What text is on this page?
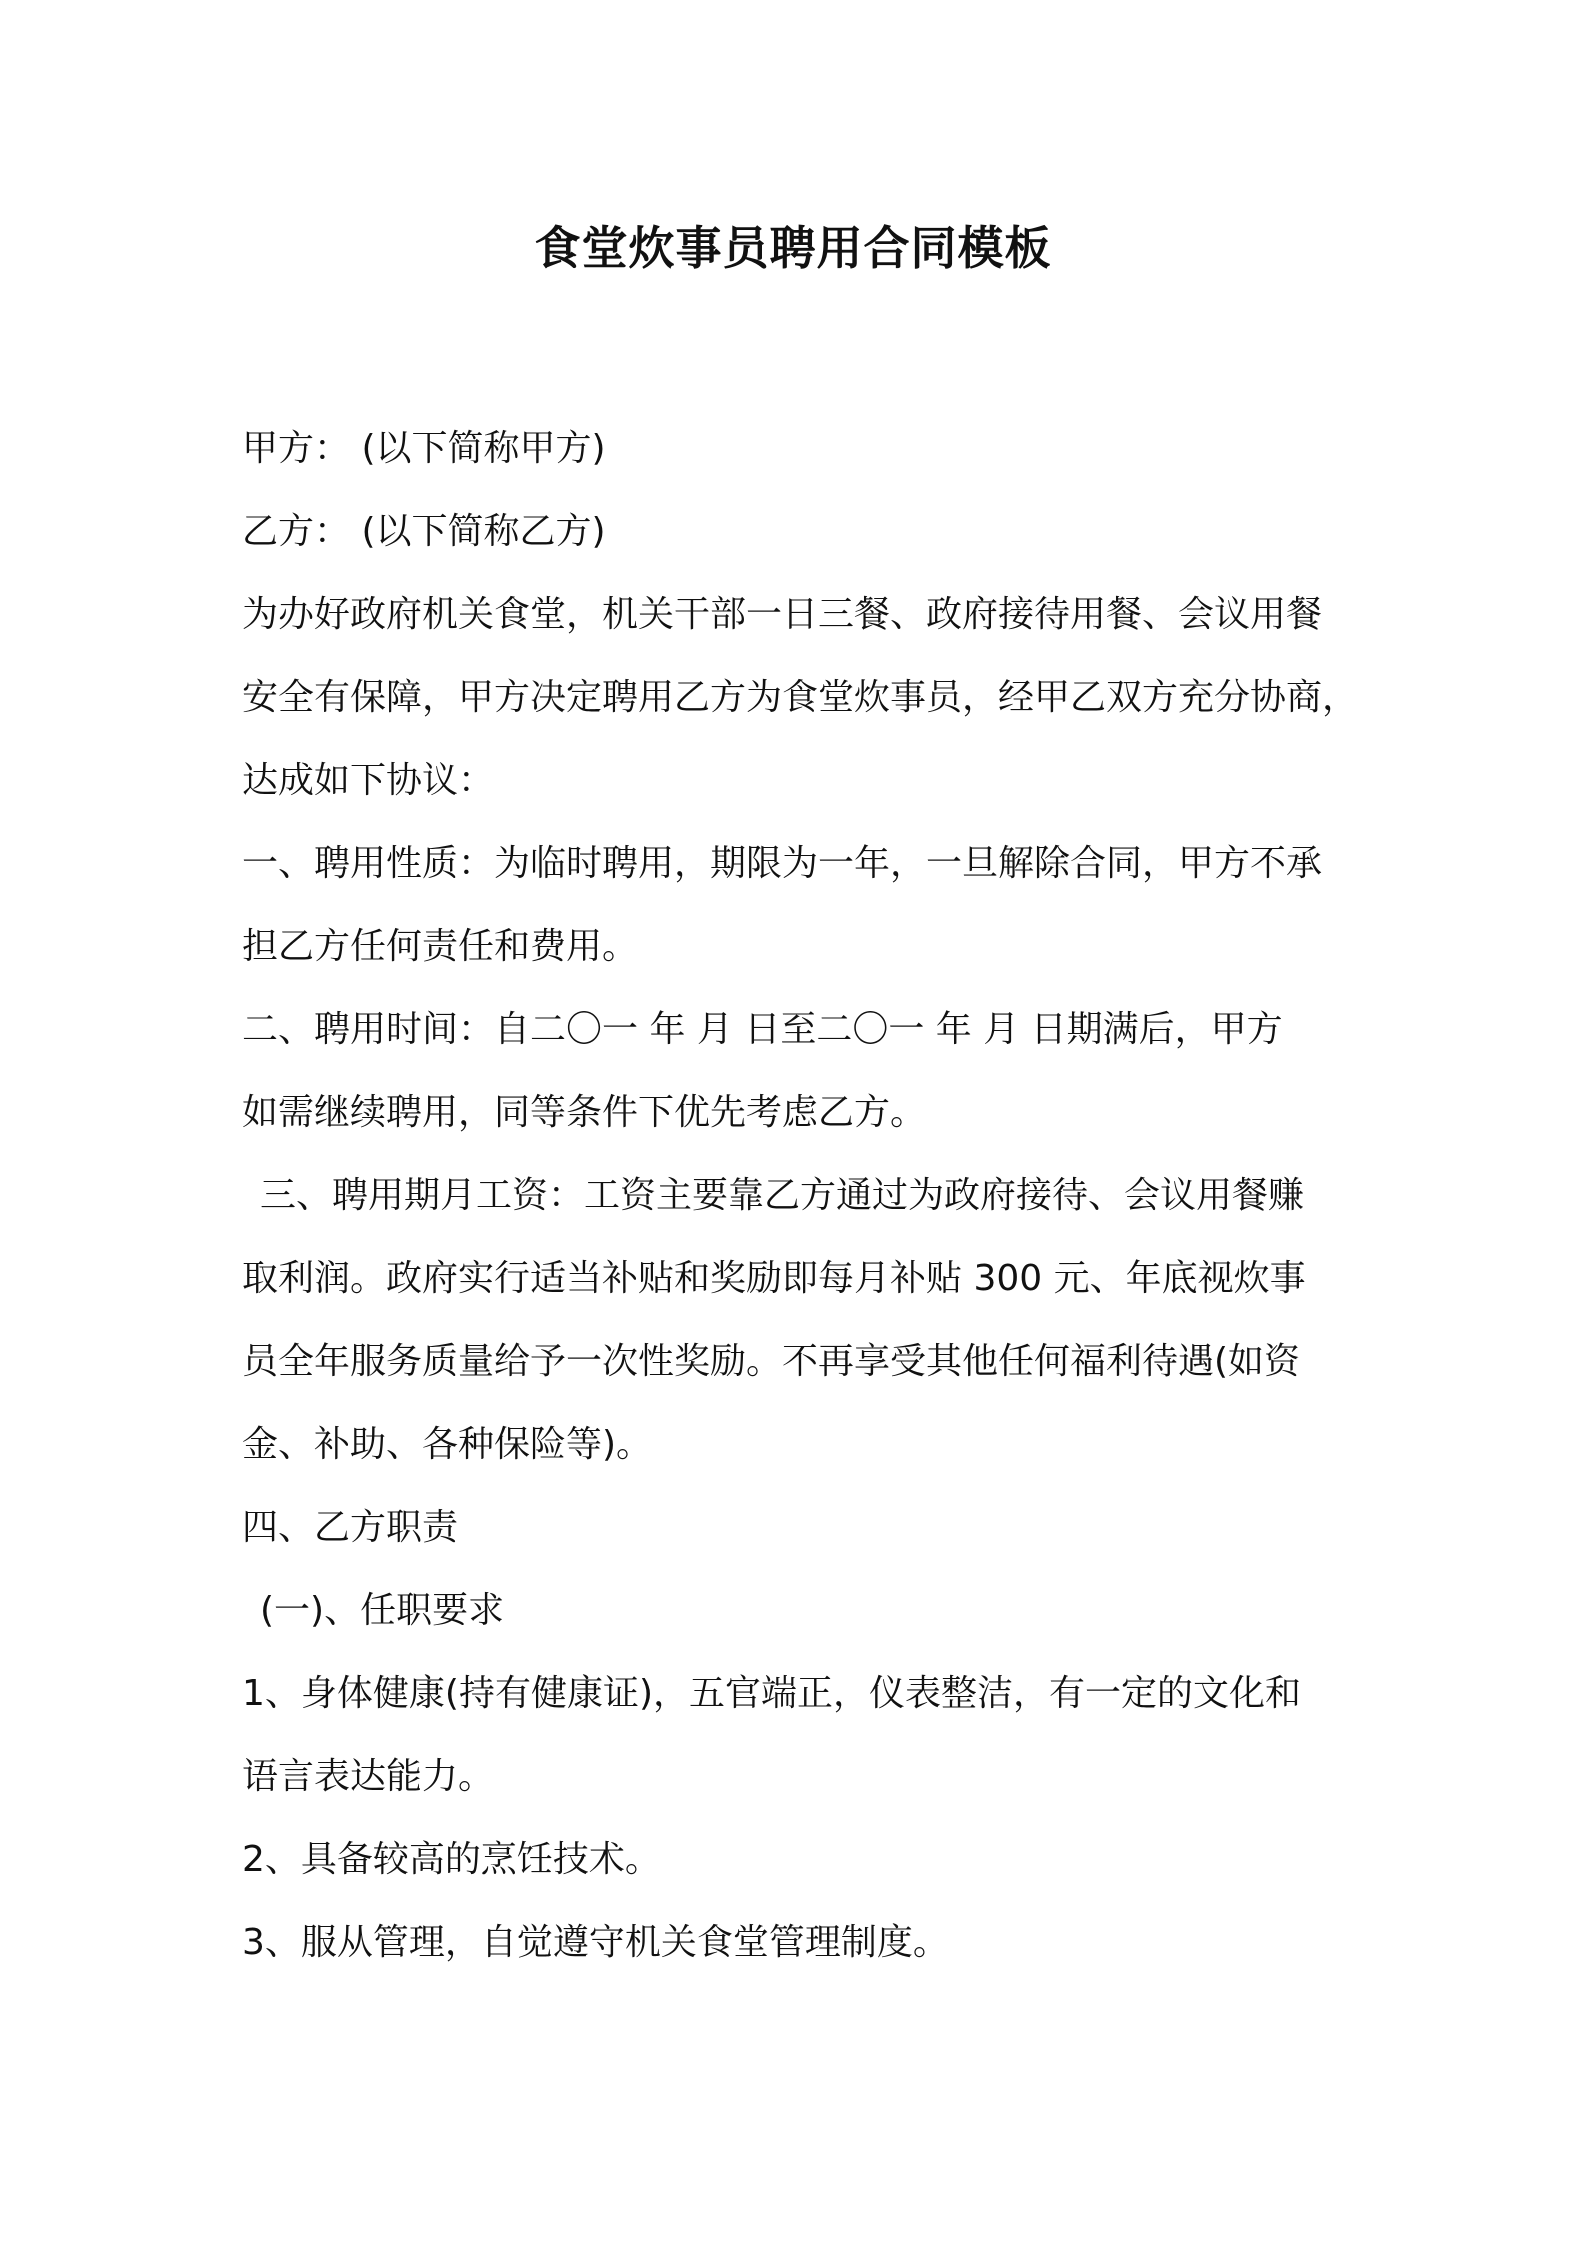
食堂炊事员聘用合同模板
甲方： (以下简称甲方)
乙方： (以下简称乙方)
为办好政府机关食堂，机关干部一日三餐、政府接待用餐、会议用餐
安全有保障，甲方决定聘用乙方为食堂炊事员，经甲乙双方充分协商，
达成如下协议：
一、聘用性质：为临时聘用，期限为一年，一旦解除合同，甲方不承
担乙方任何责任和费用。
二、聘用时间：自二〇一 年 月 日至二〇一 年 月 日期满后，甲方
如需继续聘用，同等条件下优先考虑乙方。
三、聘用期月工资：工资主要靠乙方通过为政府接待、会议用餐赚
取利润。政府实行适当补贴和奖励即每月补贴 300 元、年底视炊事
员全年服务质量给予一次性奖励。不再享受其他任何福利待遇(如资
金、补助、各种保险等)。
四、乙方职责
(一)、任职要求
1、身体健康(持有健康证)，五官端正，仪表整洁，有一定的文化和
语言表达能力。
2、具备较高的烹饪技术。
3、服从管理，自觉遵守机关食堂管理制度。
